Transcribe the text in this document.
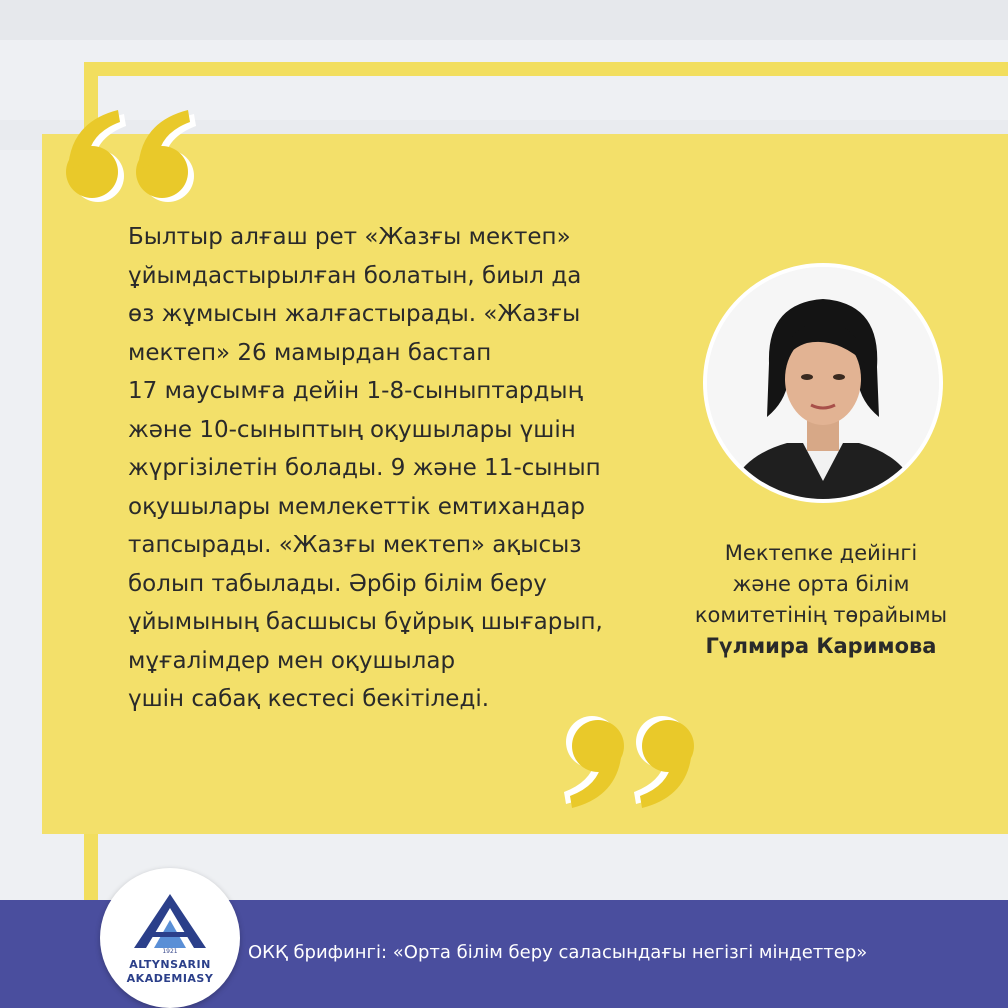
Былтыр алғаш рет «Жазғы мектеп»
ұйымдастырылған болатын, биыл да
өз жұмысын жалғастырады. «Жазғы
мектеп» 26 мамырдан бастап
17 маусымға дейін 1-8-сыныптардың
және 10-сыныптың оқушылары үшін
жүргізілетін болады. 9 және 11-сынып
оқушылары мемлекеттік емтихандар
тапсырады. «Жазғы мектеп» ақысыз
болып табылады. Әрбір білім беру
ұйымының басшысы бұйрық шығарып,
мұғалімдер мен оқушылар
үшін сабақ кестесі бекітіледі.

Мектепке дейінгі
және орта білім
комитетінің төрайымы
Гүлмира Каримова
ОКҚ брифингі: «Орта білім беру саласындағы негізгі міндеттер»
1921
ALTYNSARIN
AKADEMIASY
